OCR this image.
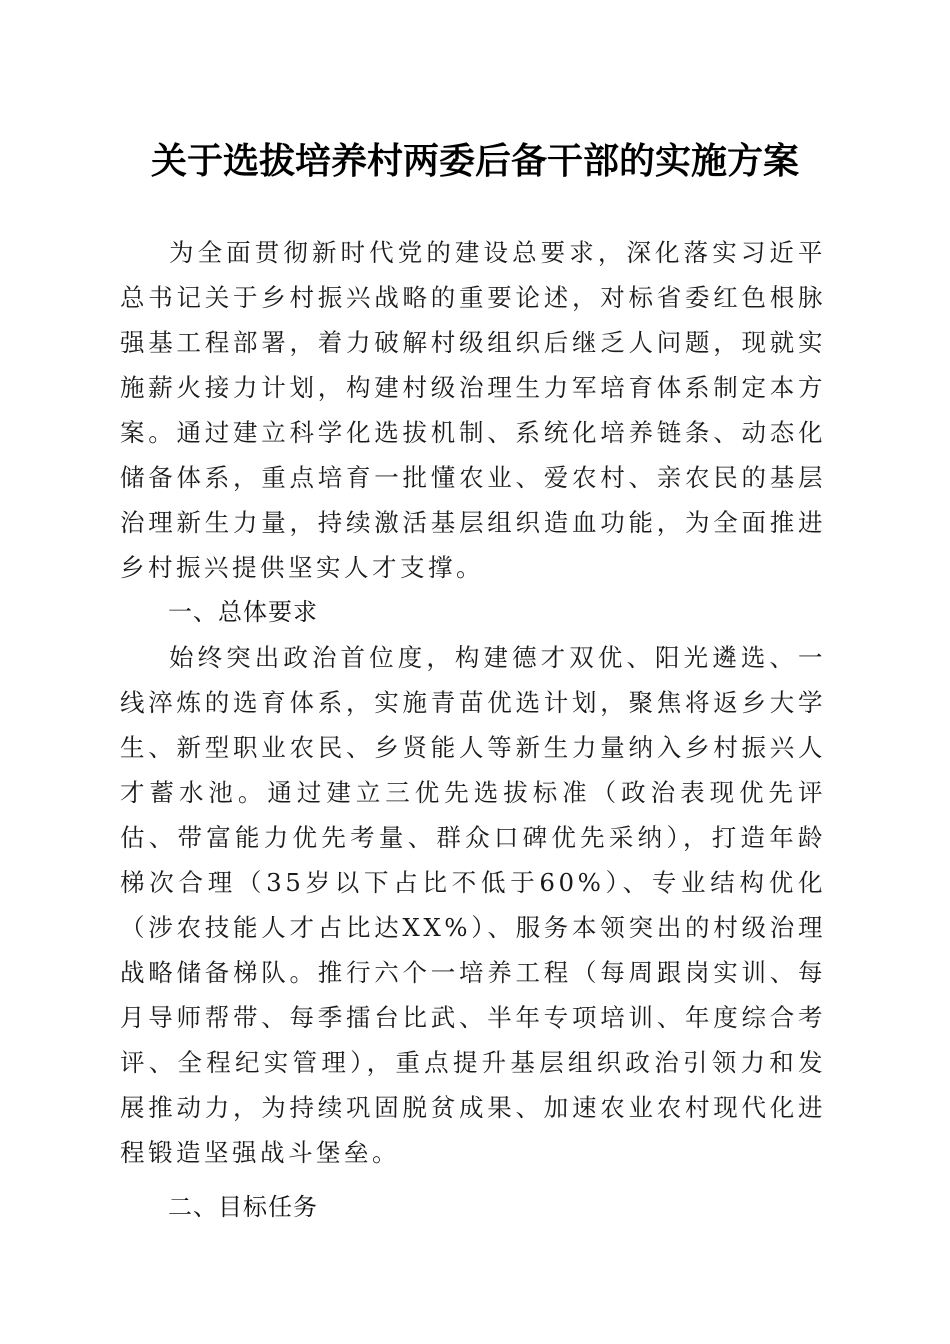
关于选拔培养村两委后备干部的实施方案

为全面贯彻新时代党的建设总要求，深化落实习近平总书记关于乡村振兴战略的重要论述，对标省委红色根脉强基工程部署，着力破解村级组织后继乏人问题，现就实施薪火接力计划，构建村级治理生力军培育体系制定本方案。通过建立科学化选拔机制、系统化培养链条、动态化储备体系，重点培育一批懂农业、爱农村、亲农民的基层治理新生力量，持续激活基层组织造血功能，为全面推进乡村振兴提供坚实人才支撑。

一、总体要求

始终突出政治首位度，构建德才双优、阳光遴选、一线淬炼的选育体系，实施青苗优选计划，聚焦将返乡大学生、新型职业农民、乡贤能人等新生力量纳入乡村振兴人才蓄水池。通过建立三优先选拔标准（政治表现优先评估、带富能力优先考量、群众口碑优先采纳），打造年龄梯次合理（35岁以下占比不低于60%）、专业结构优化（涉农技能人才占比达XX%）、服务本领突出的村级治理战略储备梯队。推行六个一培养工程（每周跟岗实训、每月导师帮带、每季擂台比武、半年专项培训、年度综合考评、全程纪实管理），重点提升基层组织政治引领力和发展推动力，为持续巩固脱贫成果、加速农业农村现代化进程锻造坚强战斗堡垒。

二、目标任务
